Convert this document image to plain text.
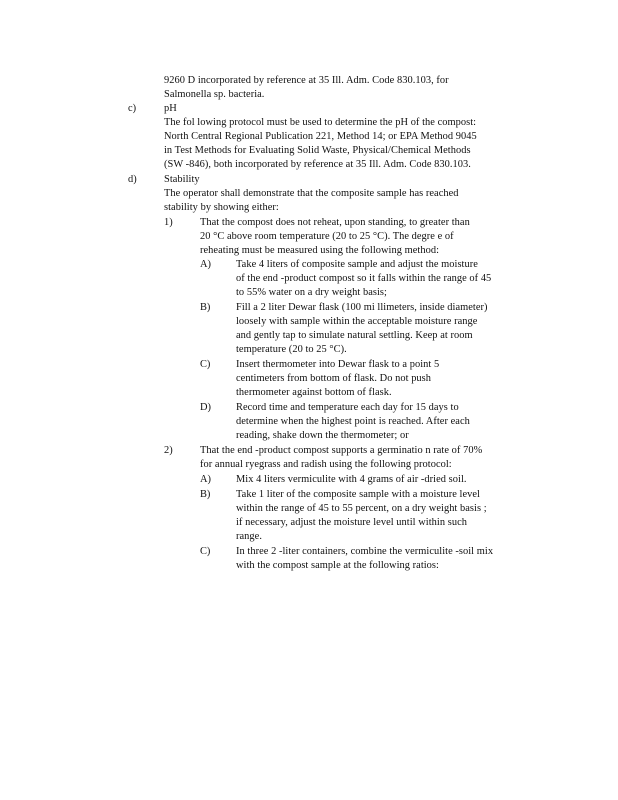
9260 D incorporated by reference at 35 Ill. Adm. Code 830.103, for
Salmonella sp. bacteria.
c)	pH
The fol lowing protocol must be used to determine the pH of the compost:
North Central Regional Publication 221, Method 14; or EPA Method 9045
in Test Methods for Evaluating Solid Waste, Physical/Chemical Methods
(SW -846), both incorporated by reference at 35 Ill. Adm. Code 830.103.
d)	Stability
The operator shall demonstrate that the composite sample has reached
stability by showing either:
1)	That the compost does not reheat, upon standing, to greater than
20 °C above room temperature (20 to 25 °C). The degre e of
reheating must be measured using the following method:
A) Take 4 liters of composite sample and adjust the moisture
of the end -product compost so it falls within the range of 45
to 55% water on a dry weight basis;
B) Fill a 2 liter Dewar flask (100 mi llimeters, inside diameter)
loosely with sample within the acceptable moisture range
and gently tap to simulate natural settling. Keep at room
temperature (20 to 25 °C).
C) Insert thermometer into Dewar flask to a point 5
centimeters from bottom of flask. Do not push
thermometer against bottom of flask.
D) Record time and temperature each day for 15 days to
determine when the highest point is reached. After each
reading, shake down the thermometer; or
2)	That the end -product compost supports a germinatio n rate of 70%
for annual ryegrass and radish using the following protocol:
A) Mix 4 liters vermiculite with 4 grams of air -dried soil.
B) Take 1 liter of the composite sample with a moisture level
within the range of 45 to 55 percent, on a dry weight basis ;
if necessary, adjust the moisture level until within such
range.
C) In three 2 -liter containers, combine the vermiculite -soil mix
with the compost sample at the following ratios:
